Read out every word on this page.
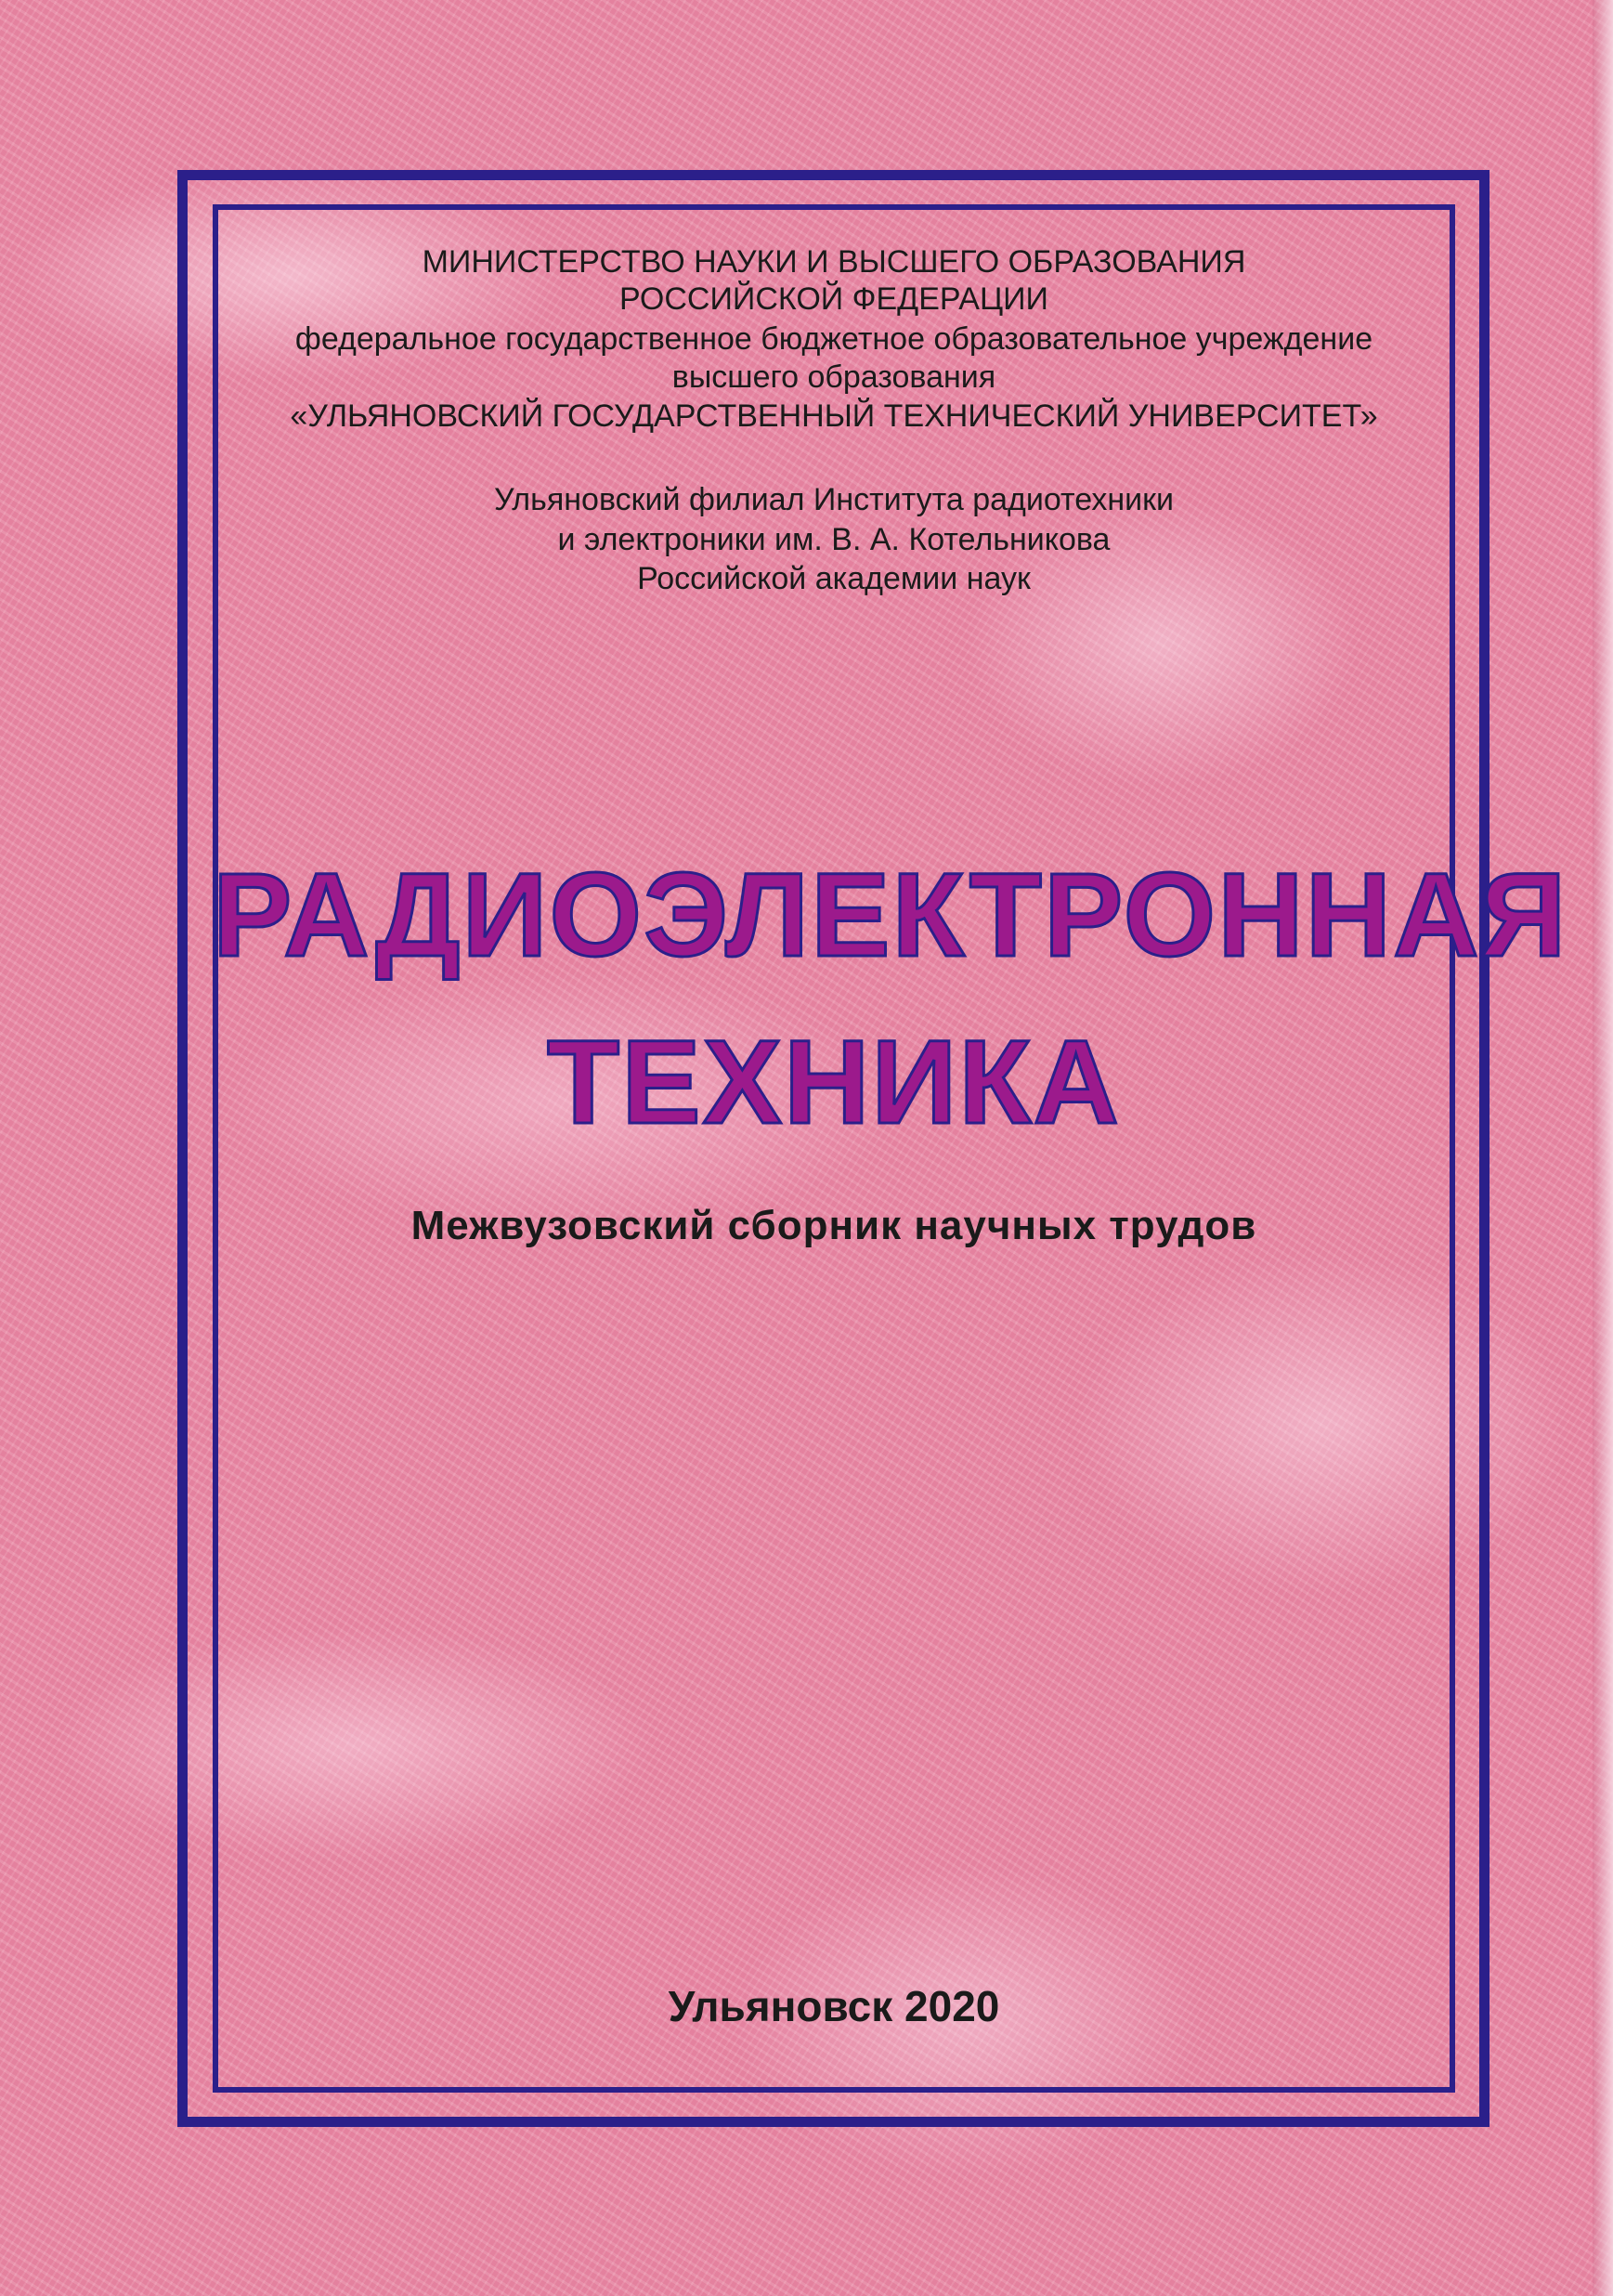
МИНИСТЕРСТВО НАУКИ И ВЫСШЕГО ОБРАЗОВАНИЯ
РОССИЙСКОЙ ФЕДЕРАЦИИ
федеральное государственное бюджетное образовательное учреждение
высшего образования
«УЛЬЯНОВСКИЙ ГОСУДАРСТВЕННЫЙ ТЕХНИЧЕСКИЙ УНИВЕРСИТЕТ»
Ульяновский филиал Института радиотехники
и электроники им. В. А. Котельникова
Российской академии наук
РАДИОЭЛЕКТРОННАЯ
ТЕХНИКА
Межвузовский сборник научных трудов
Ульяновск 2020
